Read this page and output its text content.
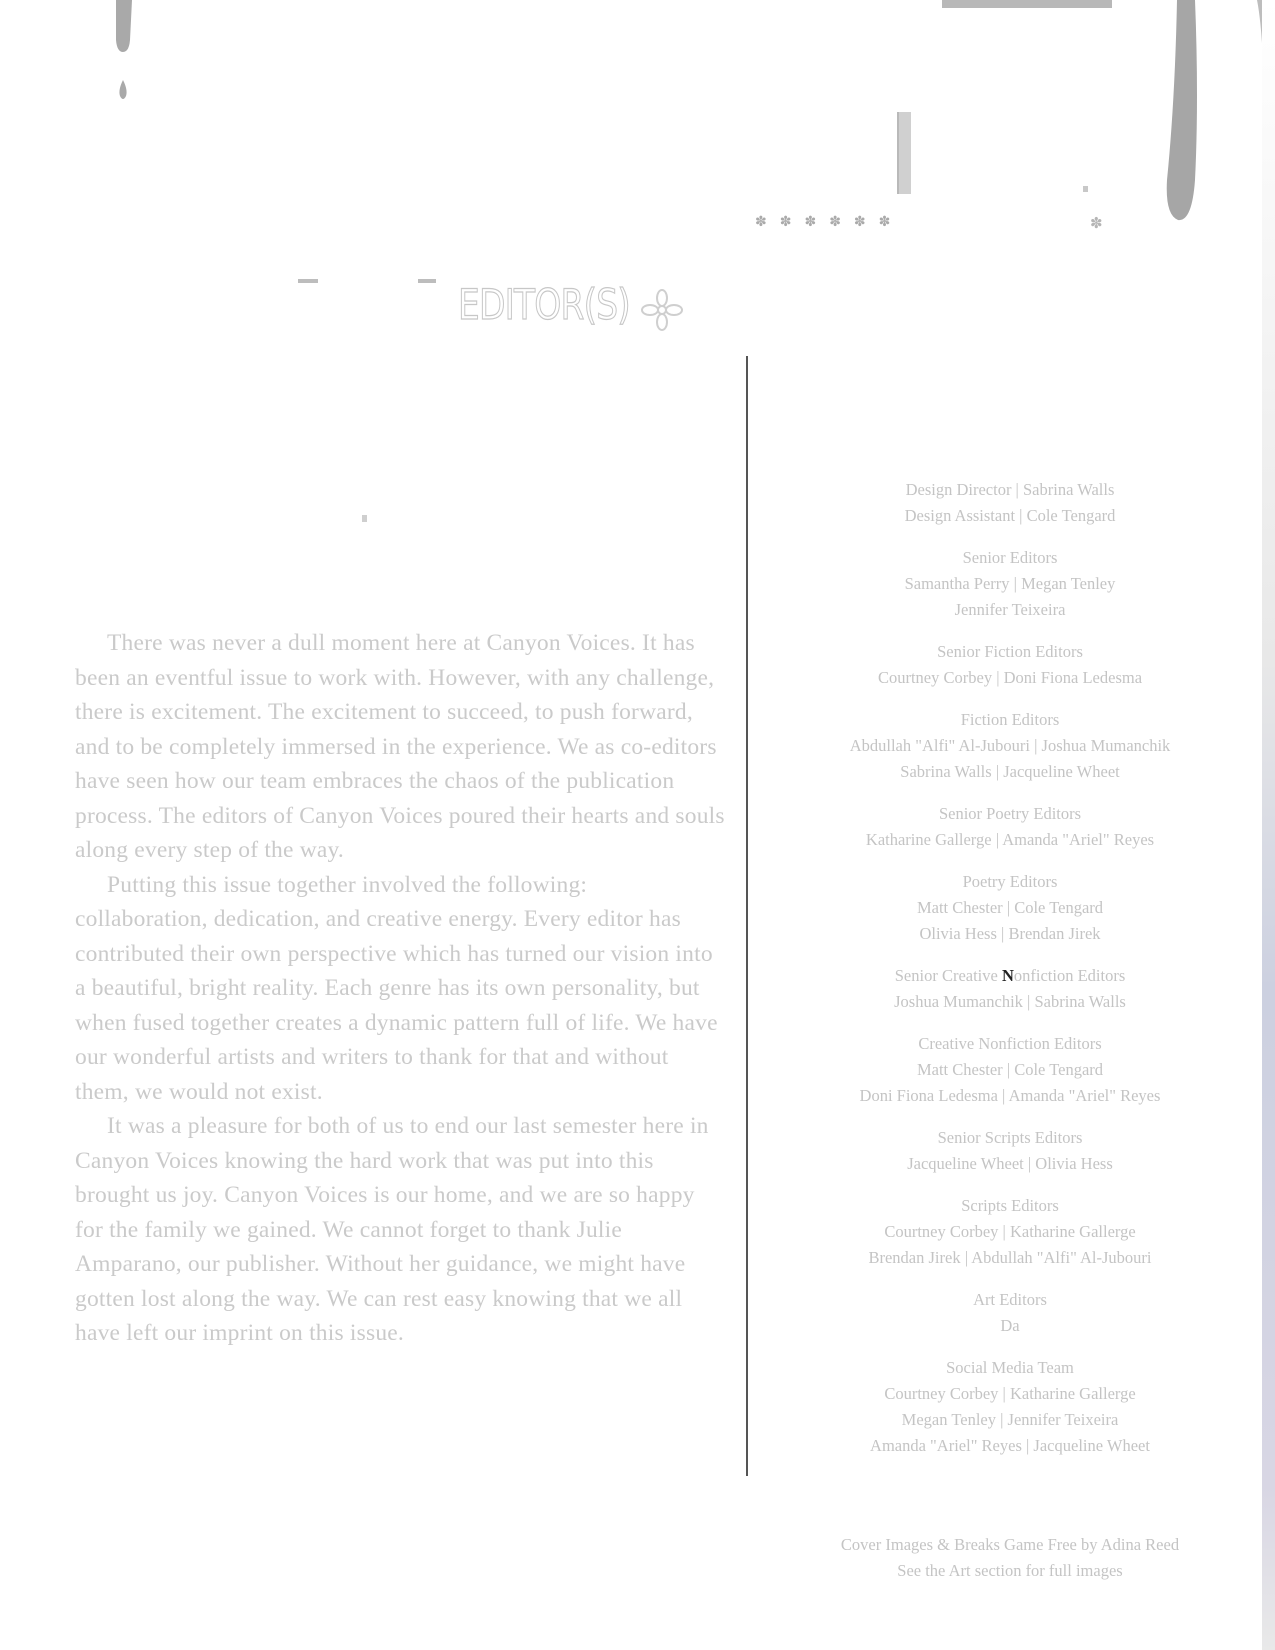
✽✽✽✽✽✽	✽
EDITOR(S)

There was never a dull moment here at Canyon Voices. It has been an eventful issue to work with. However, with any challenge, there is excitement. The excitement to succeed, to push forward, and to be completely immersed in the experience. We as co-editors have seen how our team embraces the chaos of the publication process. The editors of Canyon Voices poured their hearts and souls along every step of the way.

Putting this issue together involved the following: collaboration, dedication, and creative energy. Every editor has contributed their own perspective which has turned our vision into a beautiful, bright reality. Each genre has its own personality, but when fused together creates a dynamic pattern full of life. We have our wonderful artists and writers to thank for that and without them, we would not exist.

It was a pleasure for both of us to end our last semester here in Canyon Voices knowing the hard work that was put into this brought us joy. Canyon Voices is our home, and we are so happy for the family we gained. We cannot forget to thank Julie Amparano, our publisher. Without her guidance, we might have gotten lost along the way. We can rest easy knowing that we all have left our imprint on this issue.

Design Director | Sabrina Walls
Design Assistant | Cole Tengard
Senior Editors
Samantha Perry | Megan Tenley
Jennifer Teixeira
Senior Fiction Editors
Courtney Corbey | Doni Fiona Ledesma
Fiction Editors
Abdullah "Alfi" Al-Jubouri | Joshua Mumanchik
Sabrina Walls | Jacqueline Wheet
Senior Poetry Editors
Katharine Gallerge | Amanda "Ariel" Reyes
Poetry Editors
Matt Chester | Cole Tengard
Olivia Hess | Brendan Jirek
Senior Creative Nonfiction Editors
Joshua Mumanchik | Sabrina Walls
Creative Nonfiction Editors
Matt Chester | Cole Tengard
Doni Fiona Ledesma | Amanda "Ariel" Reyes
Senior Scripts Editors
Jacqueline Wheet | Olivia Hess
Scripts Editors
Courtney Corbey | Katharine Gallerge
Brendan Jirek | Abdullah "Alfi" Al-Jubouri
Art Editors
Da
Social Media Team
Courtney Corbey | Katharine Gallerge
Megan Tenley | Jennifer Teixeira
Amanda "Ariel" Reyes | Jacqueline Wheet
Cover Images & Breaks Game Free by Adina Reed
See the Art section for full images
